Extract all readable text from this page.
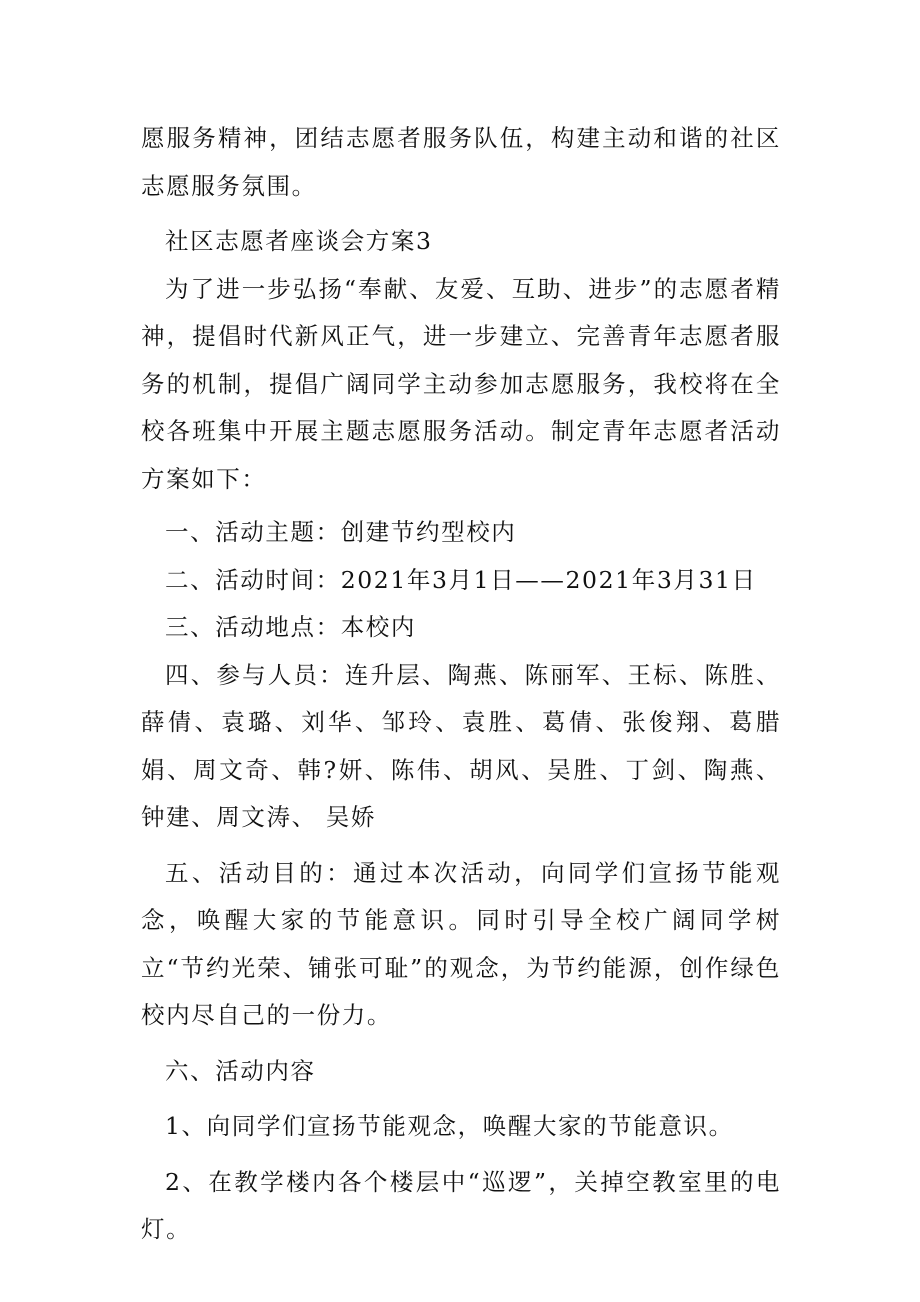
愿服务精神，团结志愿者服务队伍，构建主动和谐的社区志愿服务氛围。

社区志愿者座谈会方案3

为了进一步弘扬“奉献、友爱、互助、进步”的志愿者精神，提倡时代新风正气，进一步建立、完善青年志愿者服务的机制，提倡广阔同学主动参加志愿服务，我校将在全校各班集中开展主题志愿服务活动。制定青年志愿者活动方案如下：

一、活动主题：创建节约型校内

二、活动时间：2021年3月1日——2021年3月31日

三、活动地点：本校内

四、参与人员：连升层、陶燕、陈丽军、王标、陈胜、薛倩、袁璐、刘华、邹玲、袁胜、葛倩、张俊翔、葛腊娟、周文奇、韩?妍、陈伟、胡风、吴胜、丁剑、陶燕、钟建、周文涛、 吴娇

五、活动目的：通过本次活动，向同学们宣扬节能观念，唤醒大家的节能意识。同时引导全校广阔同学树立“节约光荣、铺张可耻”的观念，为节约能源，创作绿色校内尽自己的一份力。

六、活动内容

1、向同学们宣扬节能观念，唤醒大家的节能意识。

2、在教学楼内各个楼层中“巡逻”，关掉空教室里的电灯。
